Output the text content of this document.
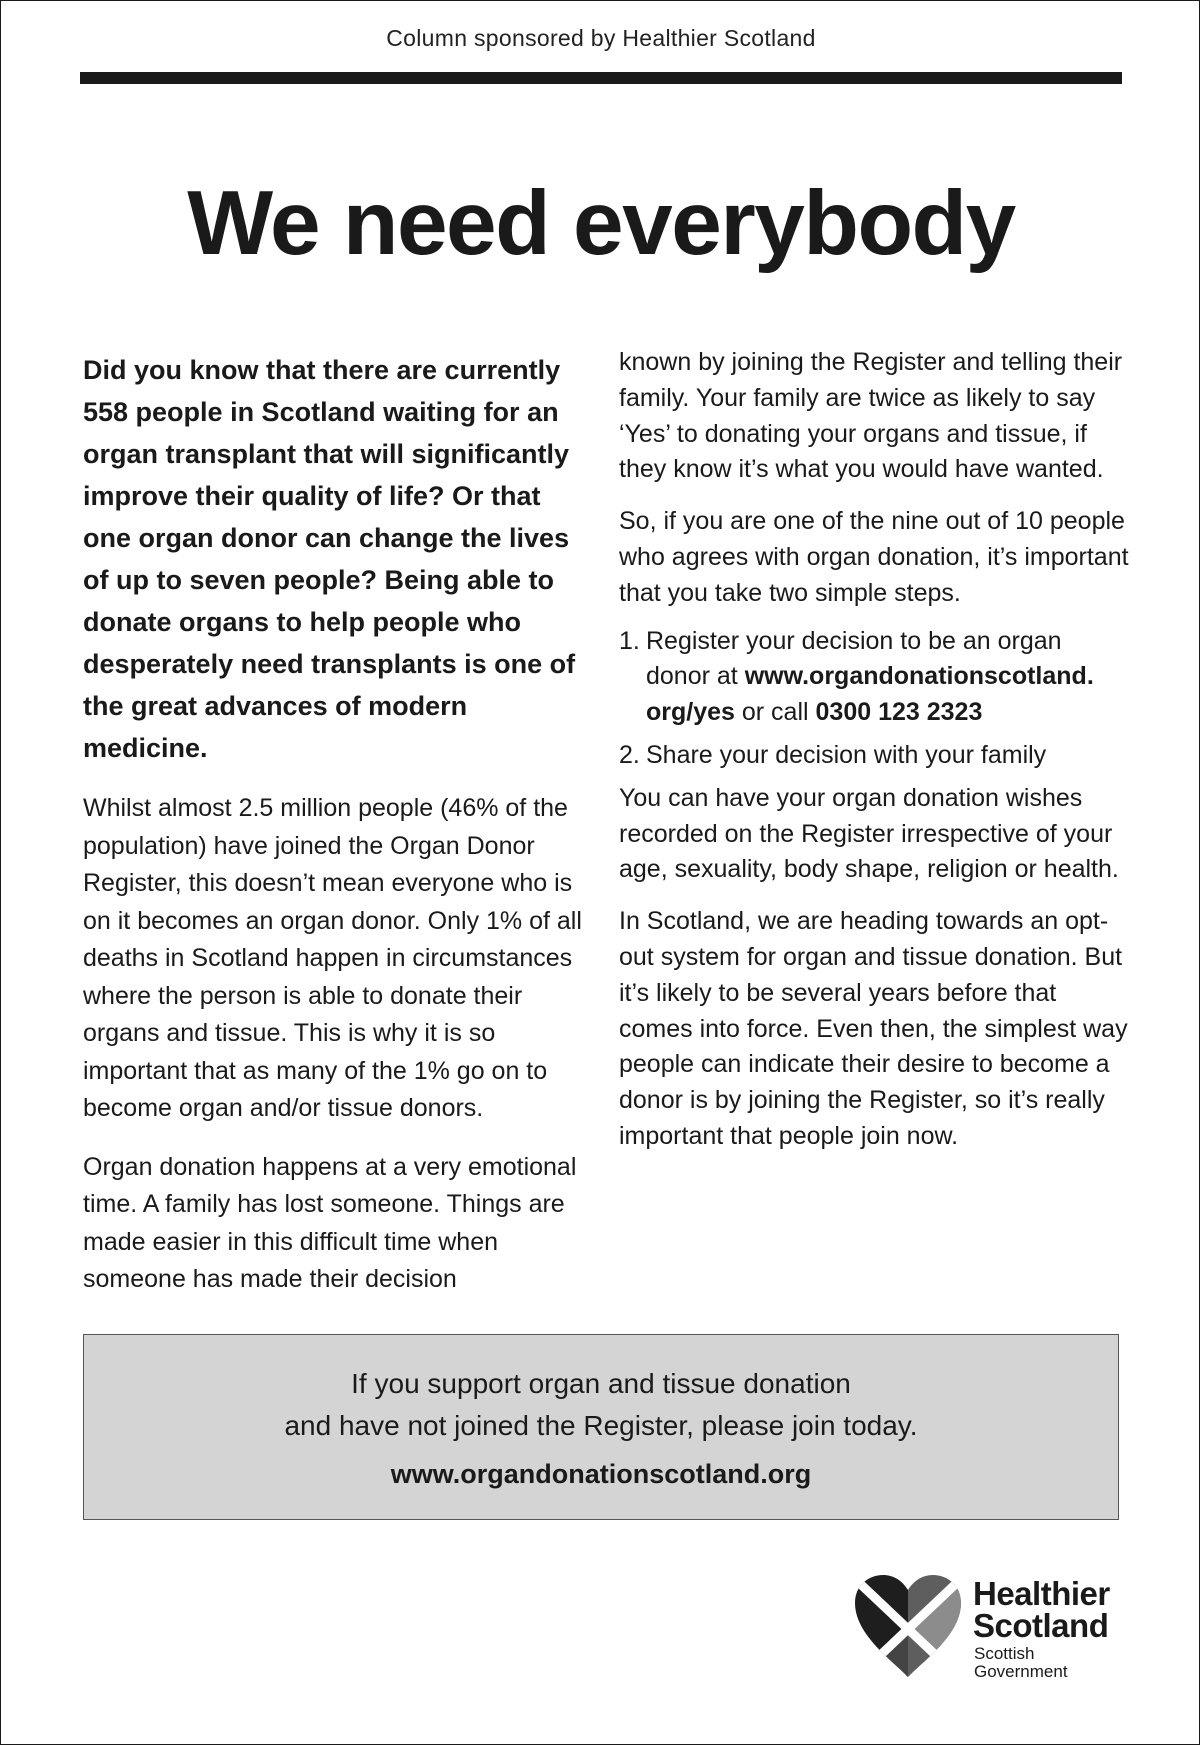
Column sponsored by Healthier Scotland
We need everybody

Did you know that there are currently 558 people in Scotland waiting for an organ transplant that will significantly improve their quality of life? Or that one organ donor can change the lives of up to seven people? Being able to donate organs to help people who desperately need transplants is one of the great advances of modern medicine.

Whilst almost 2.5 million people (46% of the population) have joined the Organ Donor Register, this doesn’t mean everyone who is on it becomes an organ donor. Only 1% of all deaths in Scotland happen in circumstances where the person is able to donate their organs and tissue. This is why it is so important that as many of the 1% go on to become organ and/or tissue donors.

Organ donation happens at a very emotional time. A family has lost someone. Things are made easier in this difficult time when someone has made their decision

known by joining the Register and telling their family. Your family are twice as likely to say ‘Yes’ to donating your organs and tissue, if they know it’s what you would have wanted.

So, if you are one of the nine out of 10 people who agrees with organ donation, it’s important that you take two simple steps.

1. Register your decision to be an organ donor at www.organdonationscotland. org/yes or call 0300 123 2323
2. Share your decision with your family

You can have your organ donation wishes recorded on the Register irrespective of your age, sexuality, body shape, religion or health.

In Scotland, we are heading towards an opt-out system for organ and tissue donation. But it’s likely to be several years before that comes into force. Even then, the simplest way people can indicate their desire to become a donor is by joining the Register, so it’s really important that people join now.

If you support organ and tissue donation
and have not joined the Register, please join today.
www.organdonationscotland.org
Healthier
Scotland
Scottish
Government
